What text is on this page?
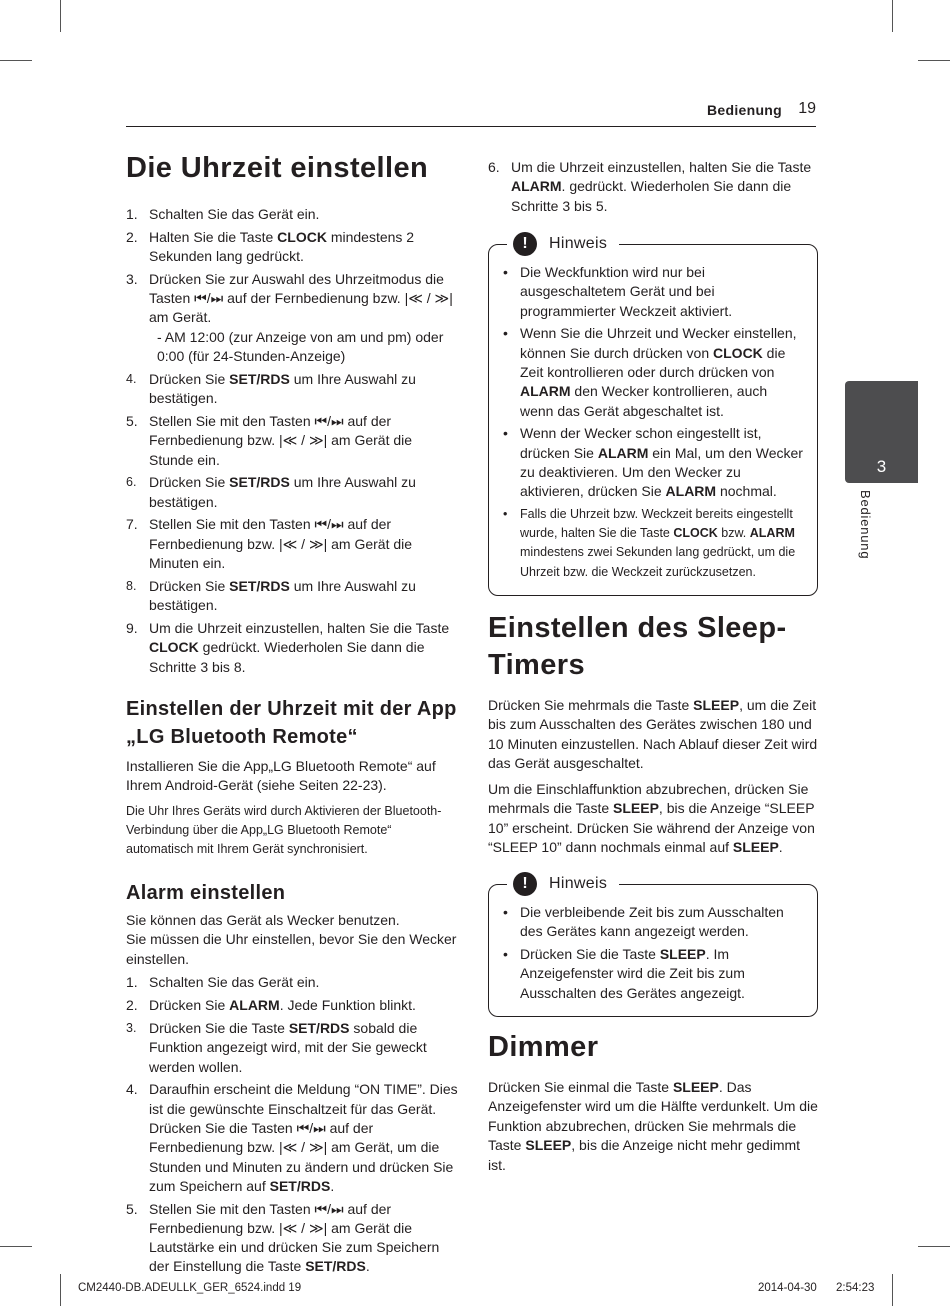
Bedienung 19
3
Bedienung
Die Uhrzeit einstellen
1. Schalten Sie das Gerät ein.
2. Halten Sie die Taste CLOCK mindestens 2 Sekunden lang gedrückt.
3. Drücken Sie zur Auswahl des Uhrzeitmodus die Tasten ⏮/⏭ auf der Fernbedienung bzw. |≪ / ≫| am Gerät.
- AM 12:00 (zur Anzeige von am und pm) oder 0:00 (für 24-Stunden-Anzeige)
4. Drücken Sie SET/RDS um Ihre Auswahl zu bestätigen.
5. Stellen Sie mit den Tasten ⏮/⏭ auf der Fernbedienung bzw. |≪ / ≫| am Gerät die Stunde ein.
6. Drücken Sie SET/RDS um Ihre Auswahl zu bestätigen.
7. Stellen Sie mit den Tasten ⏮/⏭ auf der Fernbedienung bzw. |≪ / ≫| am Gerät die Minuten ein.
8. Drücken Sie SET/RDS um Ihre Auswahl zu bestätigen.
9. Um die Uhrzeit einzustellen, halten Sie die Taste CLOCK gedrückt. Wiederholen Sie dann die Schritte 3 bis 8.
Einstellen der Uhrzeit mit der App „LG Bluetooth Remote“

Installieren Sie die App„LG Bluetooth Remote“ auf Ihrem Android-Gerät (siehe Seiten 22-23).

Die Uhr Ihres Geräts wird durch Aktivieren der Bluetooth-Verbindung über die App„LG Bluetooth Remote“ automatisch mit Ihrem Gerät synchronisiert.

Alarm einstellen

Sie können das Gerät als Wecker benutzen.
Sie müssen die Uhr einstellen, bevor Sie den Wecker einstellen.

1. Schalten Sie das Gerät ein.
2. Drücken Sie ALARM. Jede Funktion blinkt.
3. Drücken Sie die Taste SET/RDS sobald die Funktion angezeigt wird, mit der Sie geweckt werden wollen.
4. Daraufhin erscheint die Meldung “ON TIME”. Dies ist die gewünschte Einschaltzeit für das Gerät. Drücken Sie die Tasten ⏮/⏭ auf der Fernbedienung bzw. |≪ / ≫| am Gerät, um die Stunden und Minuten zu ändern und drücken Sie zum Speichern auf SET/RDS.
5. Stellen Sie mit den Tasten ⏮/⏭ auf der Fernbedienung bzw. |≪ / ≫| am Gerät die Lautstärke ein und drücken Sie zum Speichern der Einstellung die Taste SET/RDS.
6. Um die Uhrzeit einzustellen, halten Sie die Taste ALARM. gedrückt. Wiederholen Sie dann die Schritte 3 bis 5.
!	Hinweis
• Die Weckfunktion wird nur bei ausgeschaltetem Gerät und bei programmierter Weckzeit aktiviert.
• Wenn Sie die Uhrzeit und Wecker einstellen, können Sie durch drücken von CLOCK die Zeit kontrollieren oder durch drücken von ALARM den Wecker kontrollieren, auch wenn das Gerät abgeschaltet ist.
• Wenn der Wecker schon eingestellt ist, drücken Sie ALARM ein Mal, um den Wecker zu deaktivieren. Um den Wecker zu aktivieren, drücken Sie ALARM nochmal.
• Falls die Uhrzeit bzw. Weckzeit bereits eingestellt wurde, halten Sie die Taste CLOCK bzw. ALARM mindestens zwei Sekunden lang gedrückt, um die Uhrzeit bzw. die Weckzeit zurückzusetzen.
Einstellen des Sleep-Timers

Drücken Sie mehrmals die Taste SLEEP, um die Zeit bis zum Ausschalten des Gerätes zwischen 180 und 10 Minuten einzustellen. Nach Ablauf dieser Zeit wird das Gerät ausgeschaltet.

Um die Einschlaffunktion abzubrechen, drücken Sie mehrmals die Taste SLEEP, bis die Anzeige “SLEEP 10” erscheint. Drücken Sie während der Anzeige von “SLEEP 10” dann nochmals einmal auf SLEEP.

!	Hinweis
• Die verbleibende Zeit bis zum Ausschalten des Gerätes kann angezeigt werden.
• Drücken Sie die Taste SLEEP. Im Anzeigefenster wird die Zeit bis zum Ausschalten des Gerätes angezeigt.
Dimmer

Drücken Sie einmal die Taste SLEEP. Das Anzeigefenster wird um die Hälfte verdunkelt. Um die Funktion abzubrechen, drücken Sie mehrmals die Taste SLEEP, bis die Anzeige nicht mehr gedimmt ist.

CM2440-DB.ADEULLK_GER_6524.indd 19	2014-04-30 2:54:23
